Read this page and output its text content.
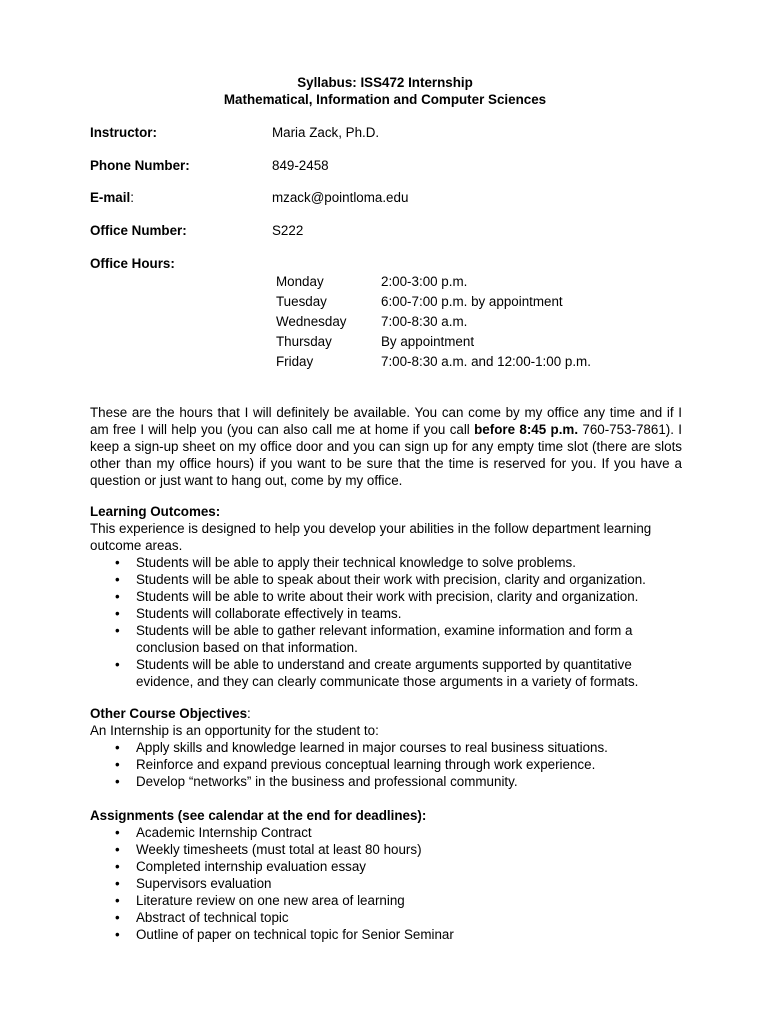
Syllabus: ISS472 Internship
Mathematical, Information and Computer Sciences
Instructor:	Maria Zack, Ph.D.
Phone Number:	849-2458
E-mail:	mzack@pointloma.edu
Office Number:	S222
Office Hours:
Monday	2:00-3:00 p.m.
Tuesday	6:00-7:00 p.m. by appointment
Wednesday	7:00-8:30 a.m.
Thursday	By appointment
Friday	7:00-8:30 a.m. and 12:00-1:00 p.m.
These are the hours that I will definitely be available. You can come by my office any time and if I am free I will help you (you can also call me at home if you call before 8:45 p.m. 760-753-7861). I keep a sign-up sheet on my office door and you can sign up for any empty time slot (there are slots other than my office hours) if you want to be sure that the time is reserved for you. If you have a question or just want to hang out, come by my office.
Learning Outcomes:
This experience is designed to help you develop your abilities in the follow department learning outcome areas.
• Students will be able to apply their technical knowledge to solve problems.
• Students will be able to speak about their work with precision, clarity and organization.
• Students will be able to write about their work with precision, clarity and organization.
• Students will collaborate effectively in teams.
• Students will be able to gather relevant information, examine information and form a conclusion based on that information.
• Students will be able to understand and create arguments supported by quantitative evidence, and they can clearly communicate those arguments in a variety of formats.
Other Course Objectives:
An Internship is an opportunity for the student to:
• Apply skills and knowledge learned in major courses to real business situations.
• Reinforce and expand previous conceptual learning through work experience.
• Develop “networks” in the business and professional community.
Assignments (see calendar at the end for deadlines):
• Academic Internship Contract
• Weekly timesheets (must total at least 80 hours)
• Completed internship evaluation essay
• Supervisors evaluation
• Literature review on one new area of learning
• Abstract of technical topic
• Outline of paper on technical topic for Senior Seminar
